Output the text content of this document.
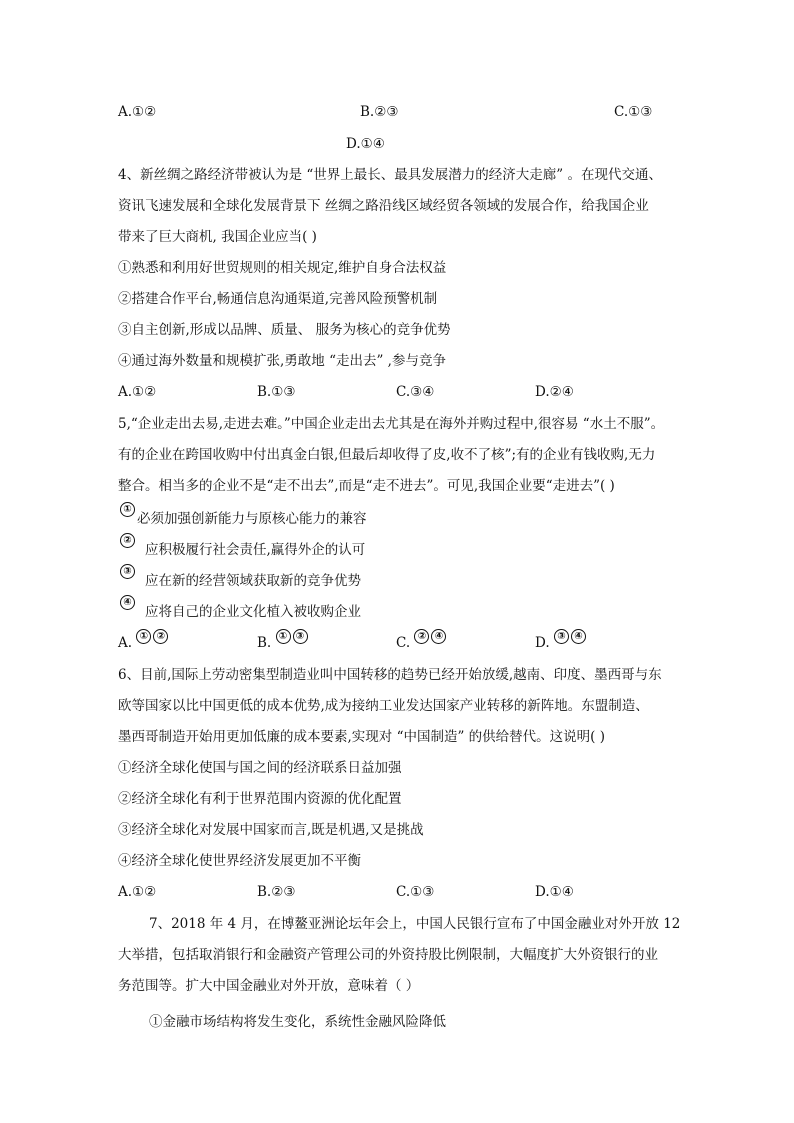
A.①②	B.②③	C.①③
D.①④
4、新丝绸之路经济带被认为是 “世界上最长、最具发展潜力的经济大走廊” 。在现代交通、
资讯飞速发展和全球化发展背景下 丝绸之路沿线区域经贸各领域的发展合作，给我国企业
带来了巨大商机, 我国企业应当( )
①熟悉和利用好世贸规则的相关规定,维护自身合法权益
②搭建合作平台,畅通信息沟通渠道,完善风险预警机制
③自主创新,形成以品牌、质量、 服务为核心的竞争优势
④通过海外数量和规模扩张,勇敢地 “走出去” ,参与竞争
A.①②	B.①③	C.③④	D.②④
5,“企业走出去易,走进去难。”中国企业走出去尤其是在海外并购过程中,很容易 “水土不服”。
有的企业在跨国收购中付出真金白银,但最后却收得了皮,收不了核”;有的企业有钱收购,无力
整合。相当多的企业不是“走不出去”,而是“走不进去”。可见,我国企业要“走进去”( )
①
必须加强创新能力与原核心能力的兼容
②
应积极履行社会责任,赢得外企的认可
③
应在新的经营领域获取新的竞争优势
④
应将自己的企业文化植入被收购企业
A. ① ②	B. ① ③	C. ② ④	D. ③ ④
6、目前,国际上劳动密集型制造业叫中国转移的趋势已经开始放缓,越南、印度、墨西哥与东
欧等国家以比中国更低的成本优势,成为接纳工业发达国家产业转移的新阵地。东盟制造、
墨西哥制造开始用更加低廉的成本要素,实现对 “中国制造” 的供给替代。这说明( )
①经济全球化使国与国之间的经济联系日益加强
②经济全球化有利于世界范围内资源的优化配置
③经济全球化对发展中国家而言,既是机遇,又是挑战
④经济全球化使世界经济发展更加不平衡
A.①②	B.②③	C.①③	D.①④
7、2018 年 4 月，在博鳌亚洲论坛年会上，中国人民银行宣布了中国金融业对外开放 12
大举措，包括取消银行和金融资产管理公司的外资持股比例限制，大幅度扩大外资银行的业
务范围等。扩大中国金融业对外开放，意味着（ ）
①金融市场结构将发生变化，系统性金融风险降低
